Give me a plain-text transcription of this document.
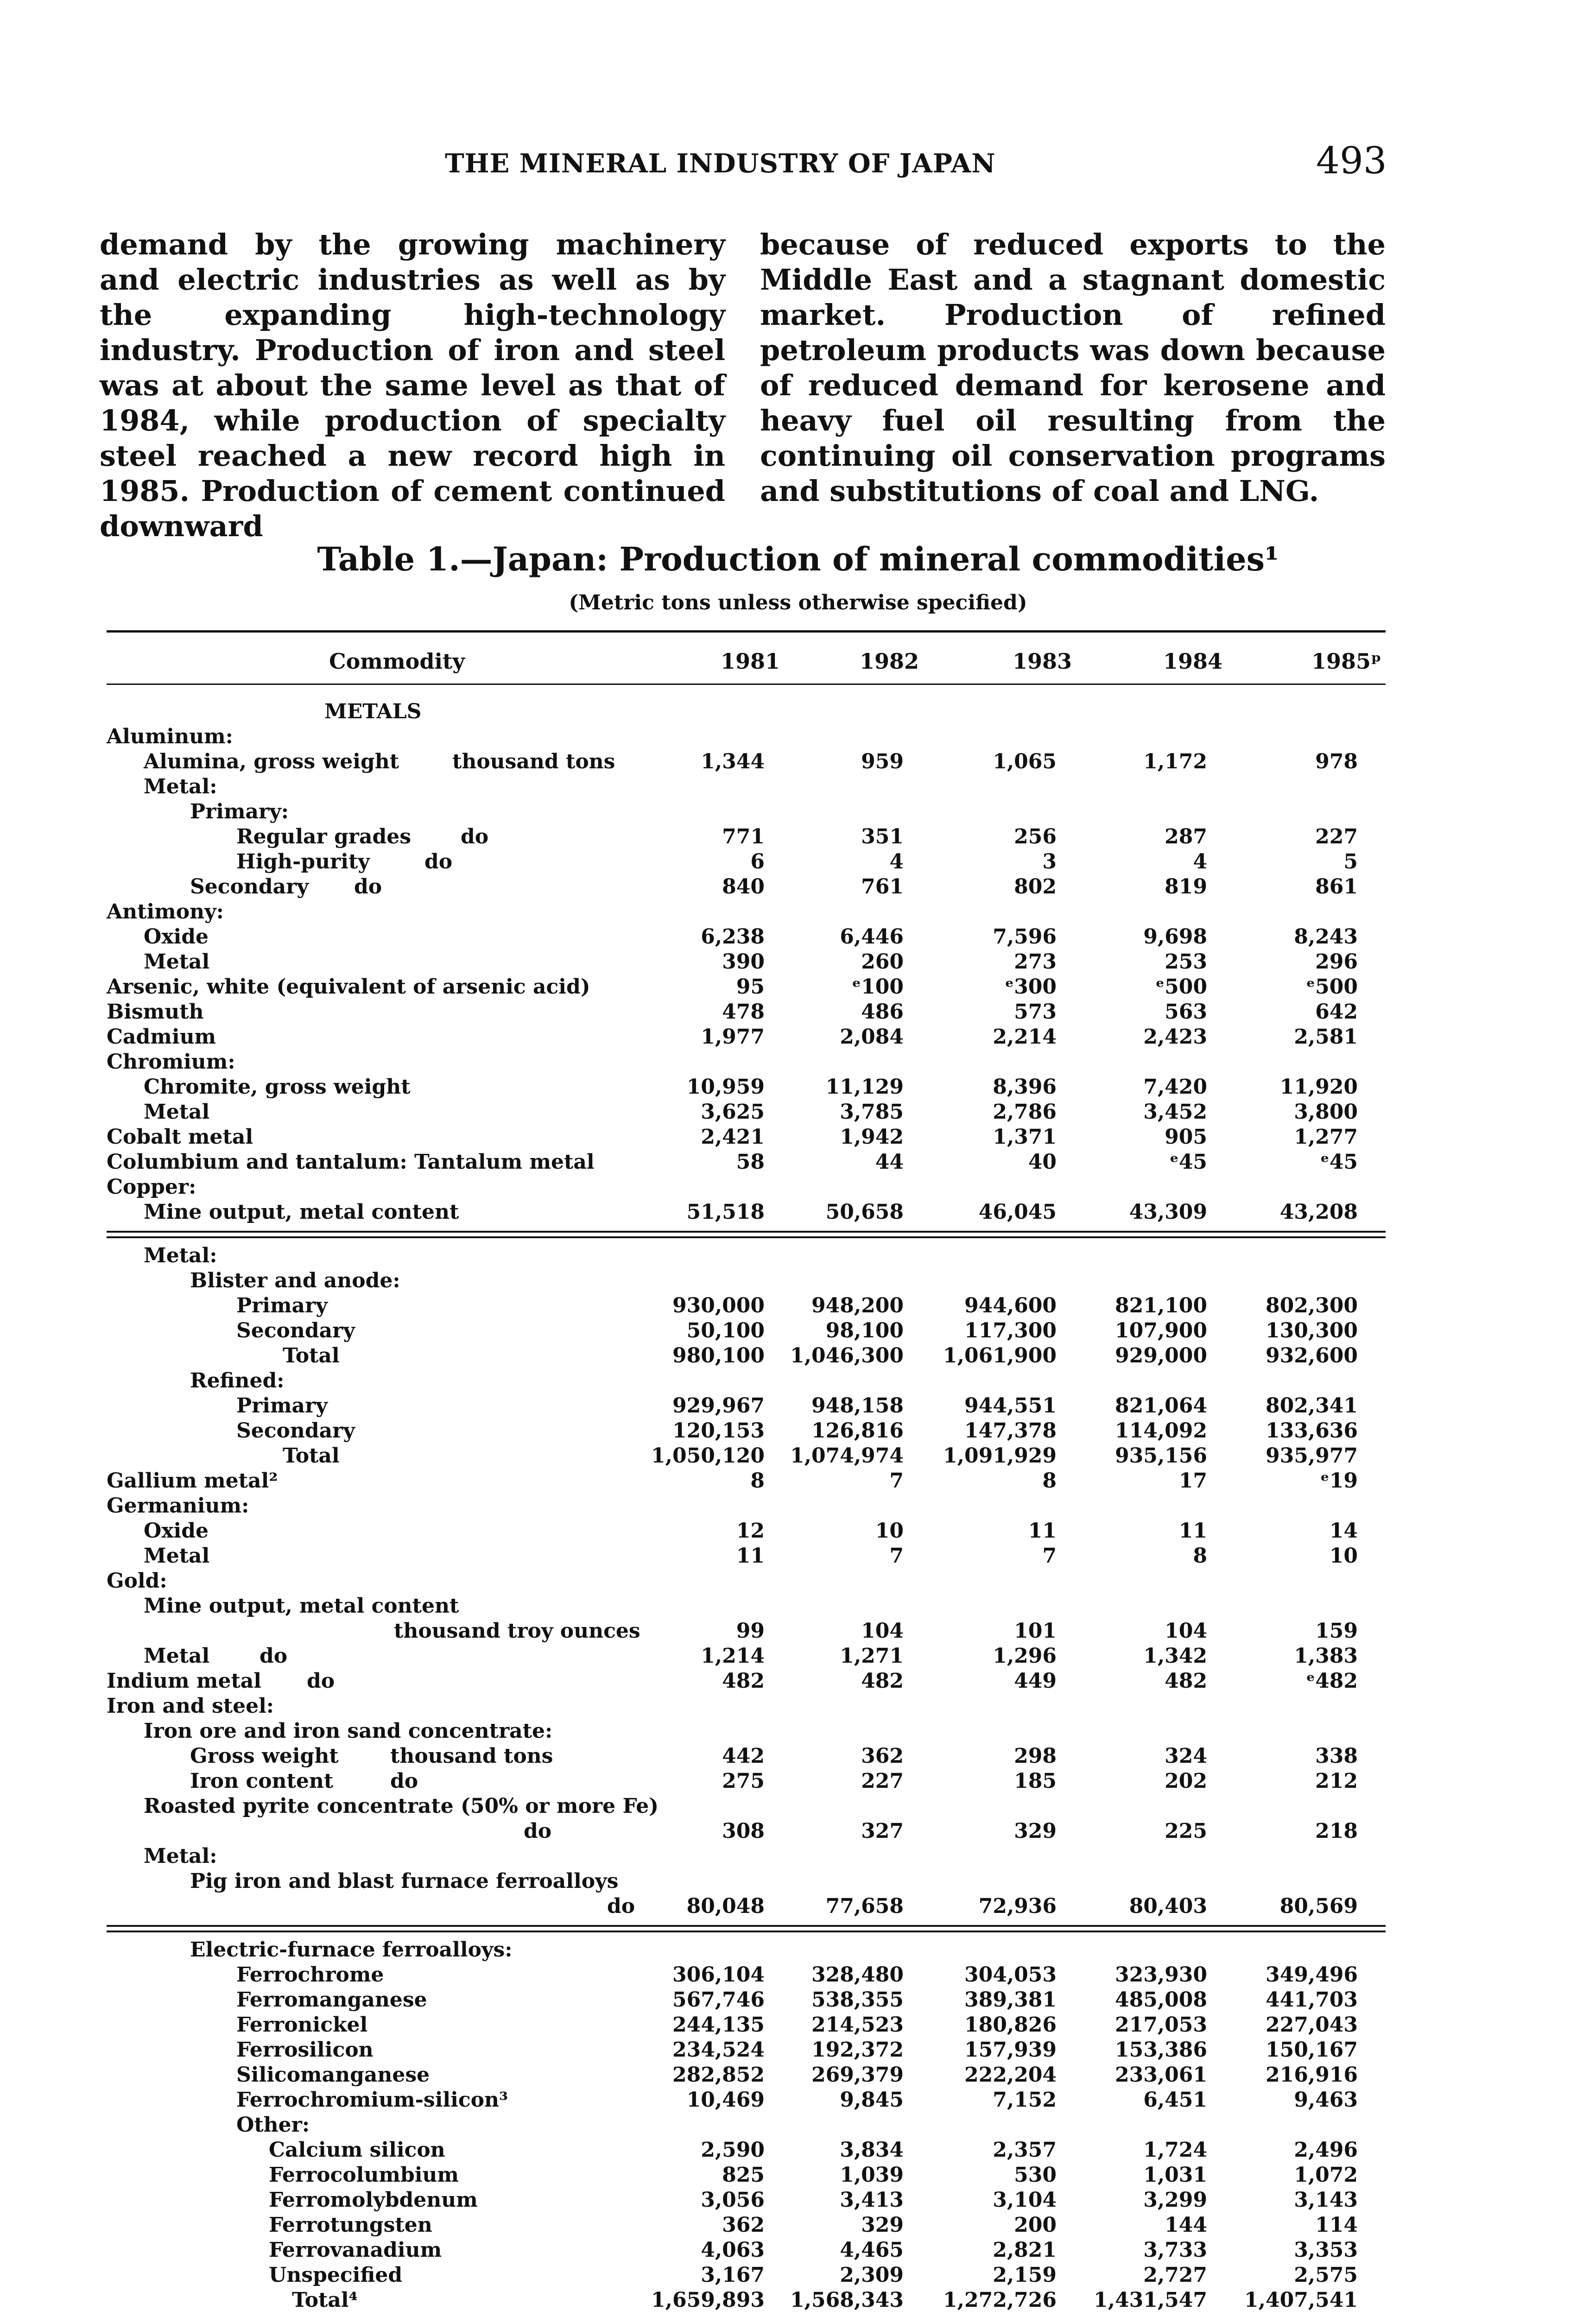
THE MINERAL INDUSTRY OF JAPAN	493
demand by the growing machinery and electric industries as well as by the expanding high-technology industry. Production of iron and steel was at about the same level as that of 1984, while production of specialty steel reached a new record high in 1985. Production of cement continued downward
because of reduced exports to the Middle East and a stagnant domestic market. Production of refined petroleum products was down because of reduced demand for kerosene and heavy fuel oil resulting from the continuing oil conservation programs and substitutions of coal and LNG.
Table 1.—Japan: Production of mineral commodities¹
(Metric tons unless otherwise specified)
Commodity	1981	1982	1983	1984	1985ᵖ
METALS
Aluminum:
Alumina, gross weight	thousand tons	1,344	959	1,065	1,172	978
Metal:
Primary:
Regular grades do	771	351	256	287	227
High-purity	do	6	4	3	4	5
Secondary do	840	761	802	819	861
Antimony:
Oxide	6,238	6,446	7,596	9,698	8,243
Metal	390	260	273	253	296
Arsenic, white (equivalent of arsenic acid)	95	ᵉ100	ᵉ300	ᵉ500	ᵉ500
Bismuth	478	486	573	563	642
Cadmium	1,977	2,084	2,214	2,423	2,581
Chromium:
Chromite, gross weight	10,959	11,129	8,396	7,420	11,920
Metal	3,625	3,785	2,786	3,452	3,800
Cobalt metal	2,421	1,942	1,371	905	1,277
Columbium and tantalum: Tantalum metal	58	44	40	ᵉ45	ᵉ45
Copper:
Mine output, metal content	51,518	50,658	46,045	43,309	43,208
Metal:
Blister and anode:
Primary	930,000	948,200	944,600	821,100	802,300
Secondary	50,100	98,100	117,300	107,900	130,300
Total	980,100	1,046,300	1,061,900	929,000	932,600
Refined:
Primary	929,967	948,158	944,551	821,064	802,341
Secondary	120,153	126,816	147,378	114,092	133,636
Total	1,050,120	1,074,974	1,091,929	935,156	935,977
Gallium metal²	8	7	8	17	ᵉ19
Germanium:
Oxide	12	10	11	11	14
Metal	11	7	7	8	10
Gold:
Mine output, metal content
thousand troy ounces	99	104	101	104	159
Metal do	1,214	1,271	1,296	1,342	1,383
Indium metal do	482	482	449	482	ᵉ482
Iron and steel:
Iron ore and iron sand concentrate:
Gross weight	thousand tons	442	362	298	324	338
Iron content	do	275	227	185	202	212
Roasted pyrite concentrate (50% or more Fe)
do	308	327	329	225	218
Metal:
Pig iron and blast furnace ferroalloys
do	80,048	77,658	72,936	80,403	80,569
Electric-furnace ferroalloys:
Ferrochrome	306,104	328,480	304,053	323,930	349,496
Ferromanganese	567,746	538,355	389,381	485,008	441,703
Ferronickel	244,135	214,523	180,826	217,053	227,043
Ferrosilicon	234,524	192,372	157,939	153,386	150,167
Silicomanganese	282,852	269,379	222,204	233,061	216,916
Ferrochromium-silicon³	10,469	9,845	7,152	6,451	9,463
Other:
Calcium silicon	2,590	3,834	2,357	1,724	2,496
Ferrocolumbium	825	1,039	530	1,031	1,072
Ferromolybdenum	3,056	3,413	3,104	3,299	3,143
Ferrotungsten	362	329	200	144	114
Ferrovanadium	4,063	4,465	2,821	3,733	3,353
Unspecified	3,167	2,309	2,159	2,727	2,575
Total⁴	1,659,893	1,568,343	1,272,726	1,431,547	1,407,541
